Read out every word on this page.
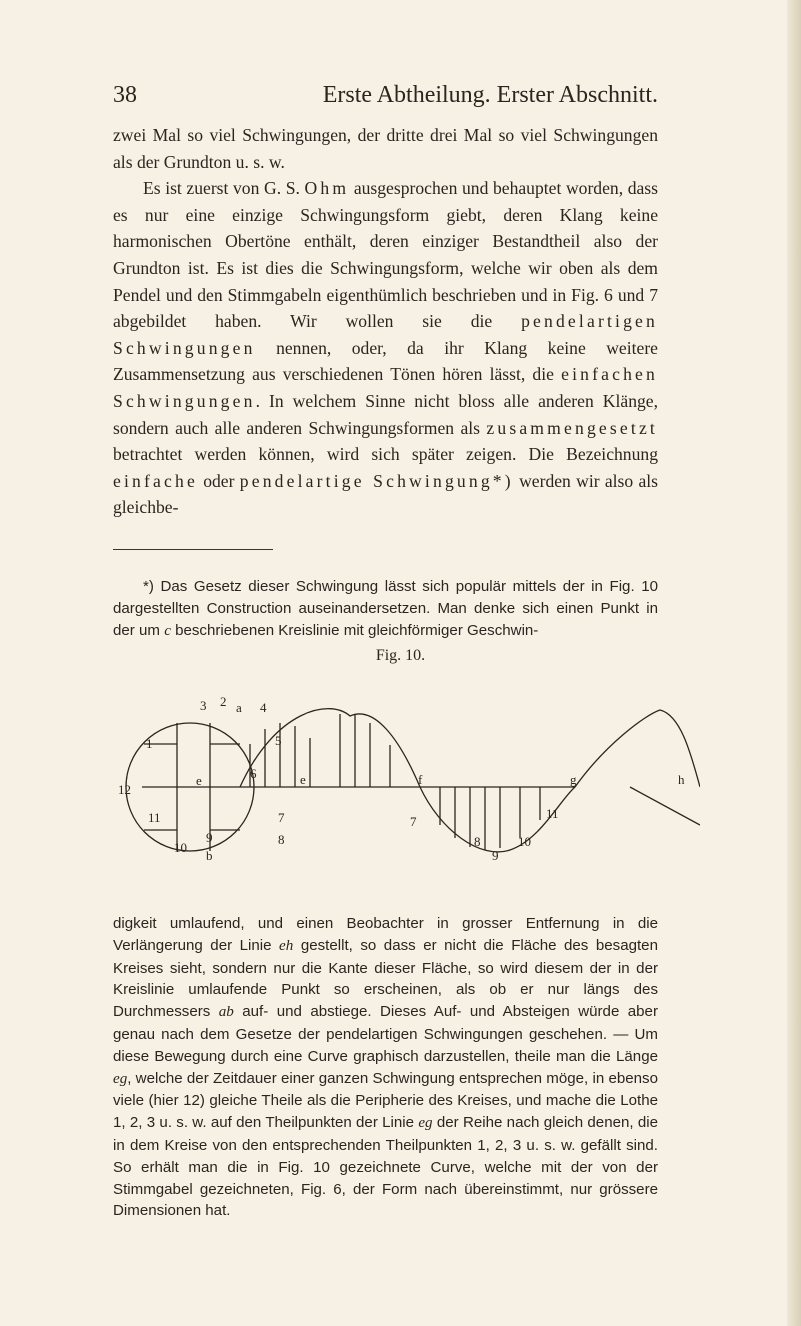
38	Erste Abtheilung. Erster Abschnitt.

zwei Mal so viel Schwingungen, der dritte drei Mal so viel Schwingungen als der Grundton u. s. w.

Es ist zuerst von G. S. Ohm ausgesprochen und behauptet worden, dass es nur eine einzige Schwingungsform giebt, deren Klang keine harmonischen Obertöne enthält, deren einziger Bestandtheil also der Grundton ist. Es ist dies die Schwingungsform, welche wir oben als dem Pendel und den Stimmgabeln eigenthümlich beschrieben und in Fig. 6 und 7 abgebildet haben. Wir wollen sie die pendelartigen Schwingungen nennen, oder, da ihr Klang keine weitere Zusammensetzung aus verschiedenen Tönen hören lässt, die einfachen Schwingungen. In welchem Sinne nicht bloss alle anderen Klänge, sondern auch alle anderen Schwingungsformen als zusammengesetzt betrachtet werden können, wird sich später zeigen. Die Bezeichnung einfache oder pendelartige Schwingung*) werden wir also als gleichbe-

*) Das Gesetz dieser Schwingung lässt sich populär mittels der in Fig. 10 dargestellten Construction auseinandersetzen. Man denke sich einen Punkt in der um c beschriebenen Kreislinie mit gleichförmiger Geschwin-

Fig. 10.
a
2
3	4
5
6
7
8
9
10
11
12
1
e
b
e	f	g	h
7
8
9
10
11

digkeit umlaufend, und einen Beobachter in grosser Entfernung in die Verlängerung der Linie eh gestellt, so dass er nicht die Fläche des besagten Kreises sieht, sondern nur die Kante dieser Fläche, so wird diesem der in der Kreislinie umlaufende Punkt so erscheinen, als ob er nur längs des Durchmessers ab auf- und abstiege. Dieses Auf- und Absteigen würde aber genau nach dem Gesetze der pendelartigen Schwingungen geschehen. — Um diese Bewegung durch eine Curve graphisch darzustellen, theile man die Länge eg, welche der Zeitdauer einer ganzen Schwingung entsprechen möge, in ebenso viele (hier 12) gleiche Theile als die Peripherie des Kreises, und mache die Lothe 1, 2, 3 u. s. w. auf den Theilpunkten der Linie eg der Reihe nach gleich denen, die in dem Kreise von den entsprechenden Theilpunkten 1, 2, 3 u. s. w. gefällt sind. So erhält man die in Fig. 10 gezeichnete Curve, welche mit der von der Stimmgabel gezeichneten, Fig. 6, der Form nach übereinstimmt, nur grössere Dimensionen hat.
